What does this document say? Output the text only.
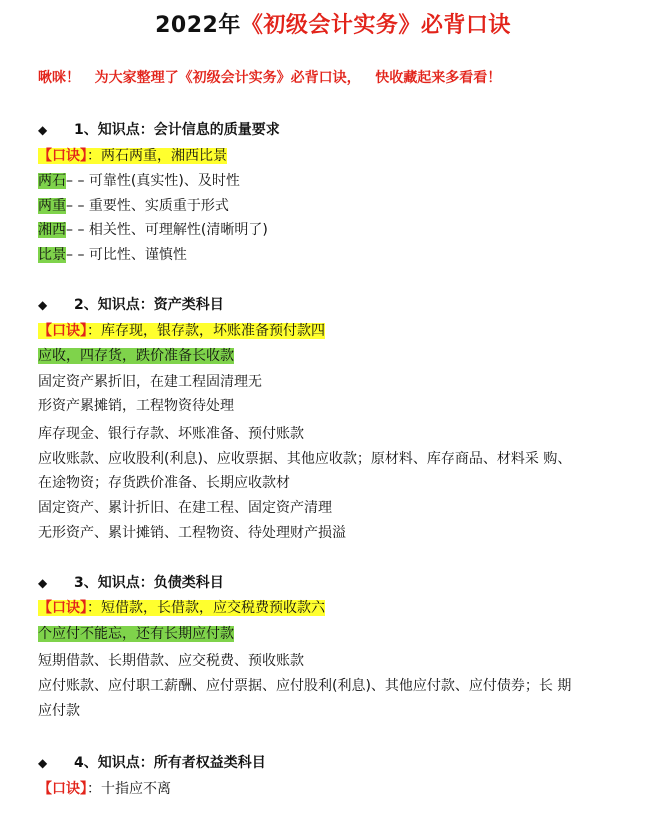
2022年《初级会计实务》必背口诀
啾咪！   为大家整理了《初级会计实务》必背口诀，   快收藏起来多看看！
◆ 1、知识点：会计信息的质量要求
【口诀】：两石两重，湘西比景
两石– – 可靠性(真实性)、及时性
两重– – 重要性、实质重于形式
湘西– – 相关性、可理解性(清晰明了)
比景– – 可比性、谨慎性
◆ 2、知识点：资产类科目
【口诀】：库存现，银存款，坏账准备预付款四
应收，四存货，跌价准备长收款
固定资产累折旧，在建工程固清理无
形资产累摊销，工程物资待处理
库存现金、银行存款、坏账准备、预付账款
应收账款、应收股利(利息)、应收票据、其他应收款；原材料、库存商品、材料采 购、
在途物资；存货跌价准备、长期应收款材
固定资产、累计折旧、在建工程、固定资产清理
无形资产、累计摊销、工程物资、待处理财产损溢
◆ 3、知识点：负债类科目
【口诀】：短借款，长借款，应交税费预收款六
个应付不能忘，还有长期应付款
短期借款、长期借款、应交税费、预收账款
应付账款、应付职工薪酬、应付票据、应付股利(利息)、其他应付款、应付债券；长 期
应付款
◆ 4、知识点：所有者权益类科目
【口诀】：十指应不离
